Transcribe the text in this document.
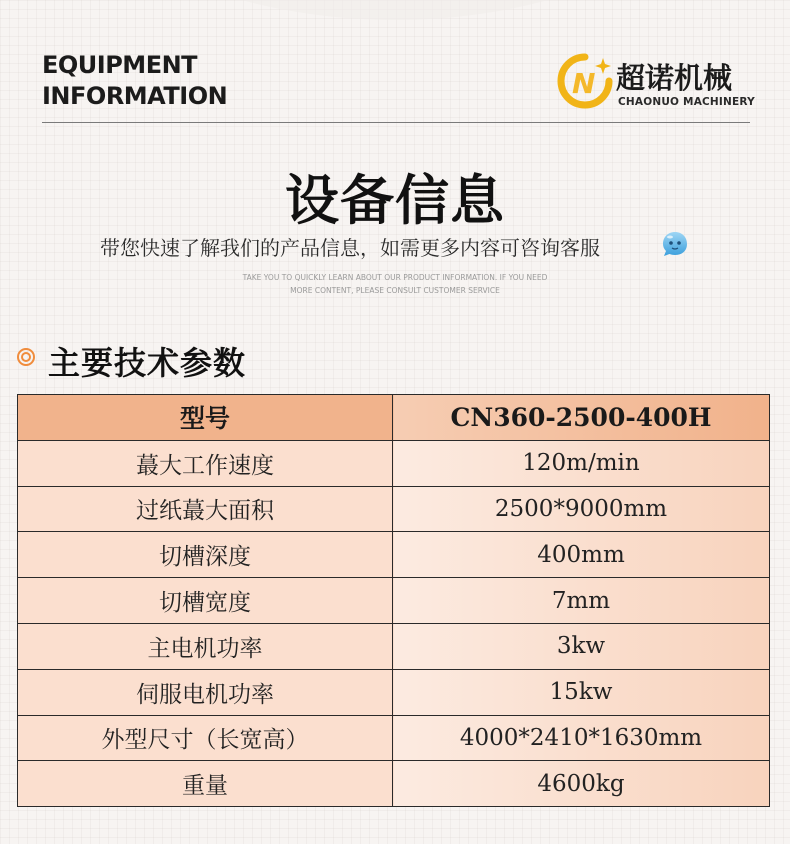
EQUIPMENT
INFORMATION	N 超诺机械
CHAONUO MACHINERY
设备信息
带您快速了解我们的产品信息，如需更多内容可咨询客服
TAKE YOU TO QUICKLY LEARN ABOUT OUR PRODUCT INFORMATION. IF YOU NEED
MORE CONTENT, PLEASE CONSULT CUSTOMER SERVICE
主要技术参数
型号	CN360-2500-400H
蕞大工作速度	120m/min
过纸蕞大面积	2500*9000mm
切槽深度	400mm
切槽宽度	7mm
主电机功率	3kw
伺服电机功率	15kw
外型尺寸（长宽高）	4000*2410*1630mm
重量	4600kg
